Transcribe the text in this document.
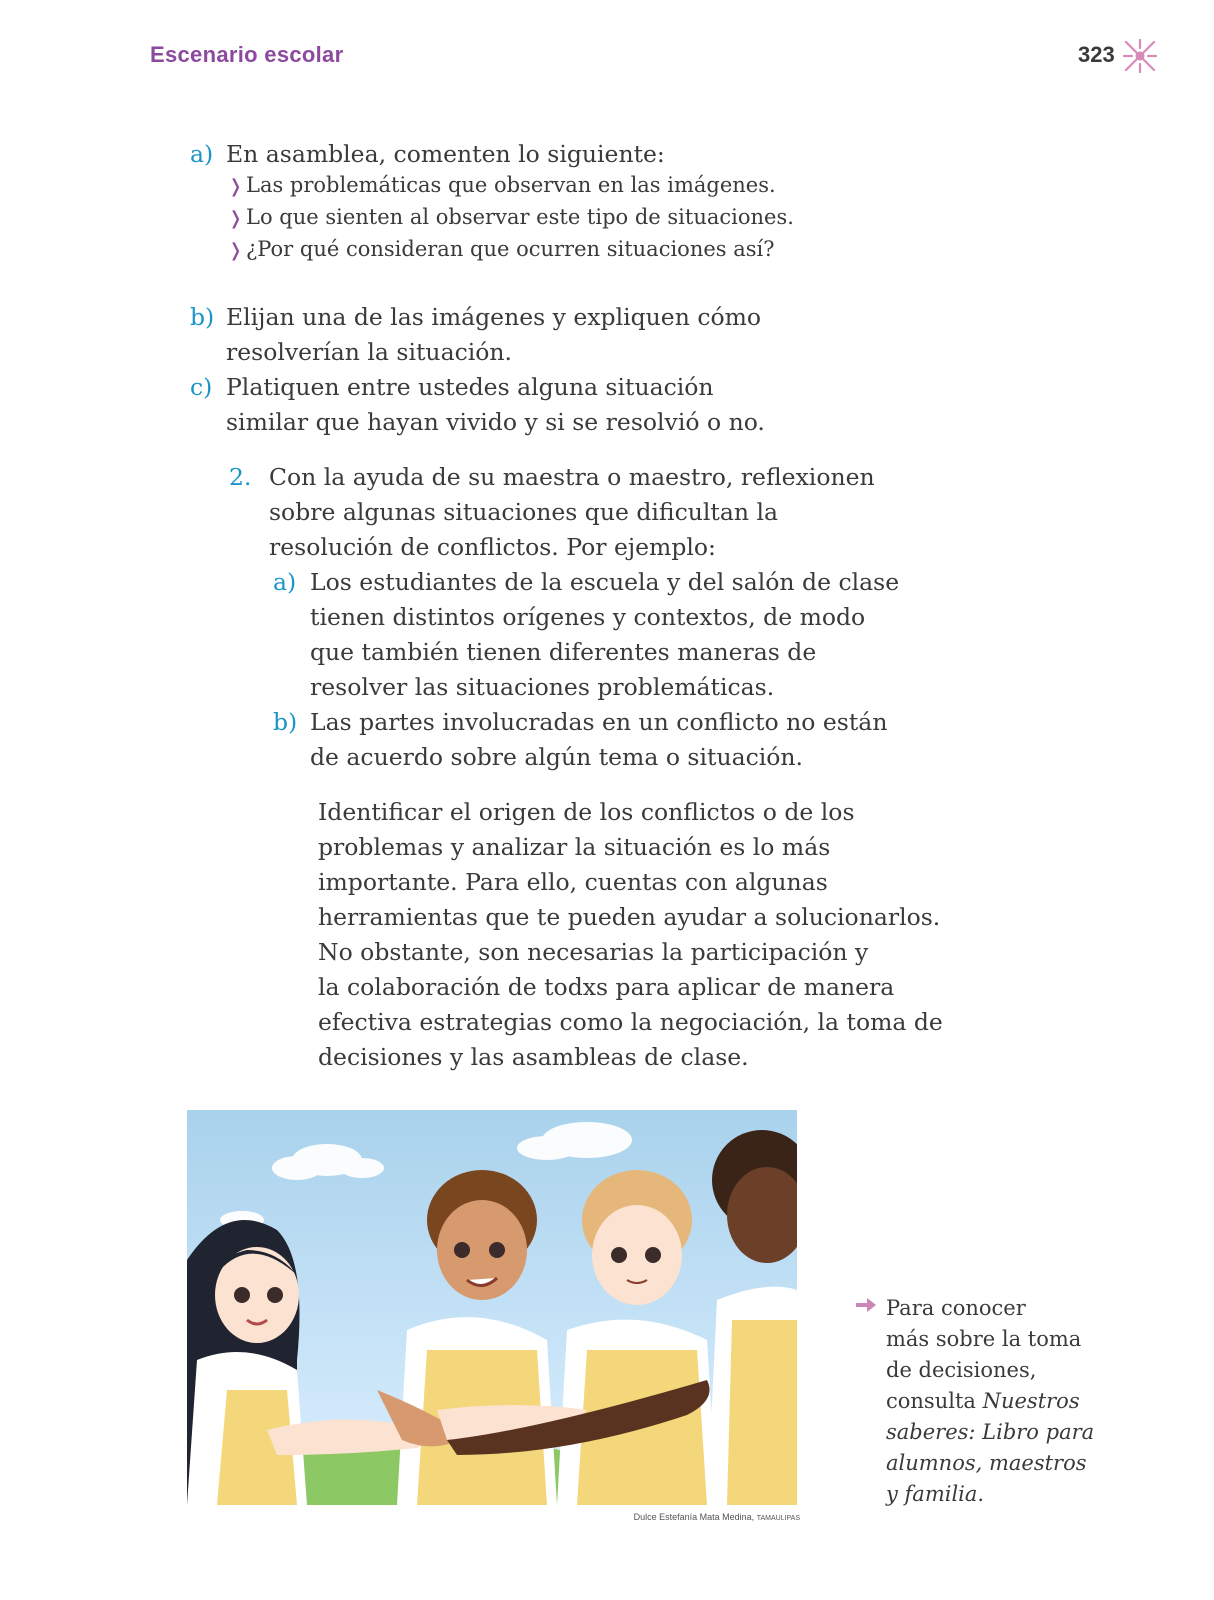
Escenario escolar	323
a) En asamblea, comenten lo siguiente:
❭ Las problemáticas que observan en las imágenes.
❭ Lo que sienten al observar este tipo de situaciones.
❭ ¿Por qué consideran que ocurren situaciones así?
b) Elijan una de las imágenes y expliquen cómo
resolverían la situación.
c) Platiquen entre ustedes alguna situación
similar que hayan vivido y si se resolvió o no.
2. Con la ayuda de su maestra o maestro, reflexionen
sobre algunas situaciones que dificultan la
resolución de conflictos. Por ejemplo:
a) Los estudiantes de la escuela y del salón de clase
tienen distintos orígenes y contextos, de modo
que también tienen diferentes maneras de
resolver las situaciones problemáticas.
b) Las partes involucradas en un conflicto no están
de acuerdo sobre algún tema o situación.
Identificar el origen de los conflictos o de los
problemas y analizar la situación es lo más
importante. Para ello, cuentas con algunas
herramientas que te pueden ayudar a solucionarlos.
No obstante, son necesarias la participación y
la colaboración de todxs para aplicar de manera
efectiva estrategias como la negociación, la toma de
decisiones y las asambleas de clase.
Dulce Estefanía Mata Medina, TAMAULIPAS
Para conocer
más sobre la toma
de decisiones,
consulta Nuestros
saberes: Libro para
alumnos, maestros
y familia.
